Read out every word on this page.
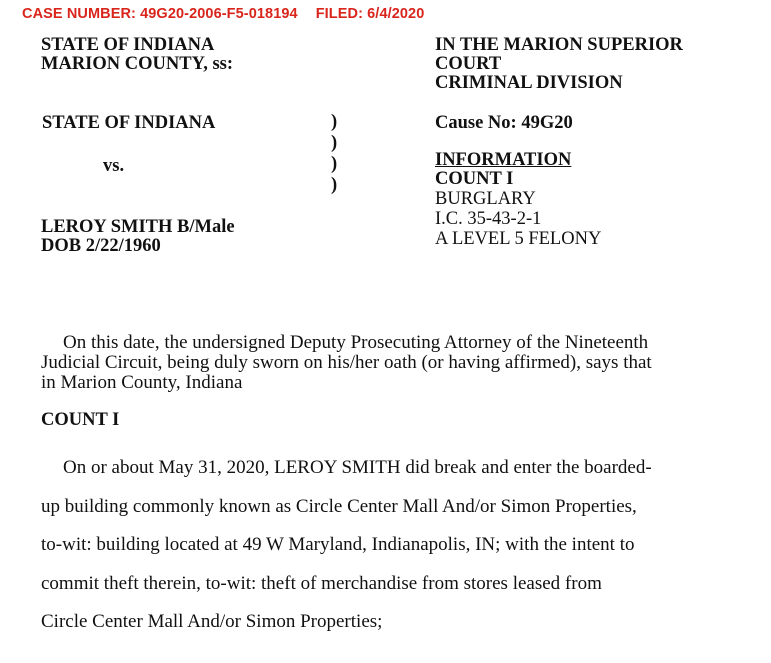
CASE NUMBER: 49G20-2006-F5-018194 FILED: 6/4/2020
STATE OF INDIANA
MARION COUNTY, ss:
IN THE MARION SUPERIOR
COURT
CRIMINAL DIVISION
STATE OF INDIANA
vs.
LEROY SMITH B/Male
DOB 2/22/1960
)
)
)
)
Cause No: 49G20
INFORMATION
COUNT I
BURGLARY
I.C. 35-43-2-1
A LEVEL 5 FELONY
On this date, the undersigned Deputy Prosecuting Attorney of the Nineteenth
Judicial Circuit, being duly sworn on his/her oath (or having affirmed), says that
in Marion County, Indiana
COUNT I
On or about May 31, 2020, LEROY SMITH did break and enter the boarded-
up building commonly known as Circle Center Mall And/or Simon Properties,
to-wit: building located at 49 W Maryland, Indianapolis, IN; with the intent to
commit theft therein, to-wit: theft of merchandise from stores leased from
Circle Center Mall And/or Simon Properties;
